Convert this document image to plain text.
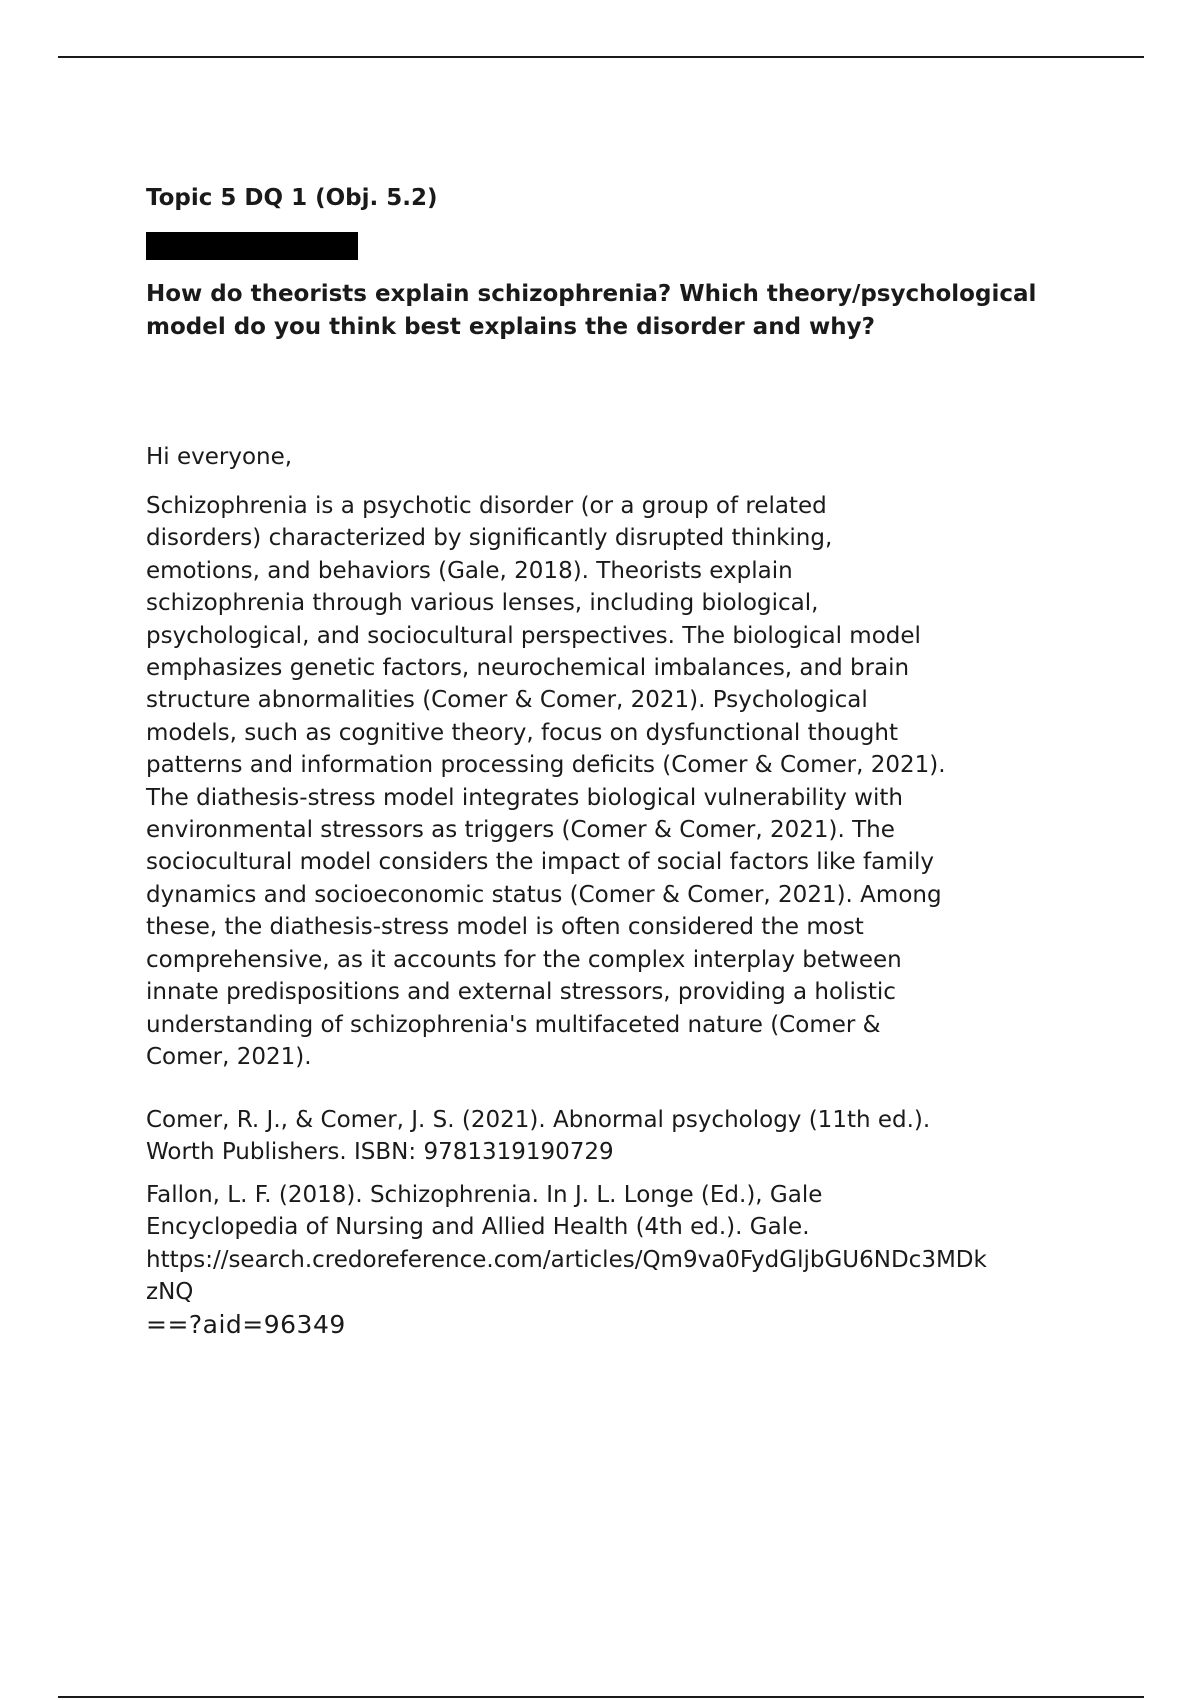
Topic 5 DQ 1 (Obj. 5.2)
How do theorists explain schizophrenia? Which theory/psychological model do you think best explains the disorder and why?
Hi everyone,
Schizophrenia is a psychotic disorder (or a group of related
disorders) characterized by significantly disrupted thinking,
emotions, and behaviors (Gale, 2018). Theorists explain
schizophrenia through various lenses, including biological,
psychological, and sociocultural perspectives. The biological model
emphasizes genetic factors, neurochemical imbalances, and brain
structure abnormalities (Comer & Comer, 2021). Psychological
models, such as cognitive theory, focus on dysfunctional thought
patterns and information processing deficits (Comer & Comer, 2021).
The diathesis-stress model integrates biological vulnerability with
environmental stressors as triggers (Comer & Comer, 2021). The
sociocultural model considers the impact of social factors like family
dynamics and socioeconomic status (Comer & Comer, 2021). Among
these, the diathesis-stress model is often considered the most
comprehensive, as it accounts for the complex interplay between
innate predispositions and external stressors, providing a holistic
understanding of schizophrenia's multifaceted nature (Comer &
Comer, 2021).
Comer, R. J., & Comer, J. S. (2021). Abnormal psychology (11th ed.).
Worth Publishers. ISBN: 9781319190729
Fallon, L. F. (2018). Schizophrenia. In J. L. Longe (Ed.), Gale
Encyclopedia of Nursing and Allied Health (4th ed.). Gale.
https://search.credoreference.com/articles/Qm9va0FydGljbGU6NDc3MDk
zNQ
==?aid=96349
